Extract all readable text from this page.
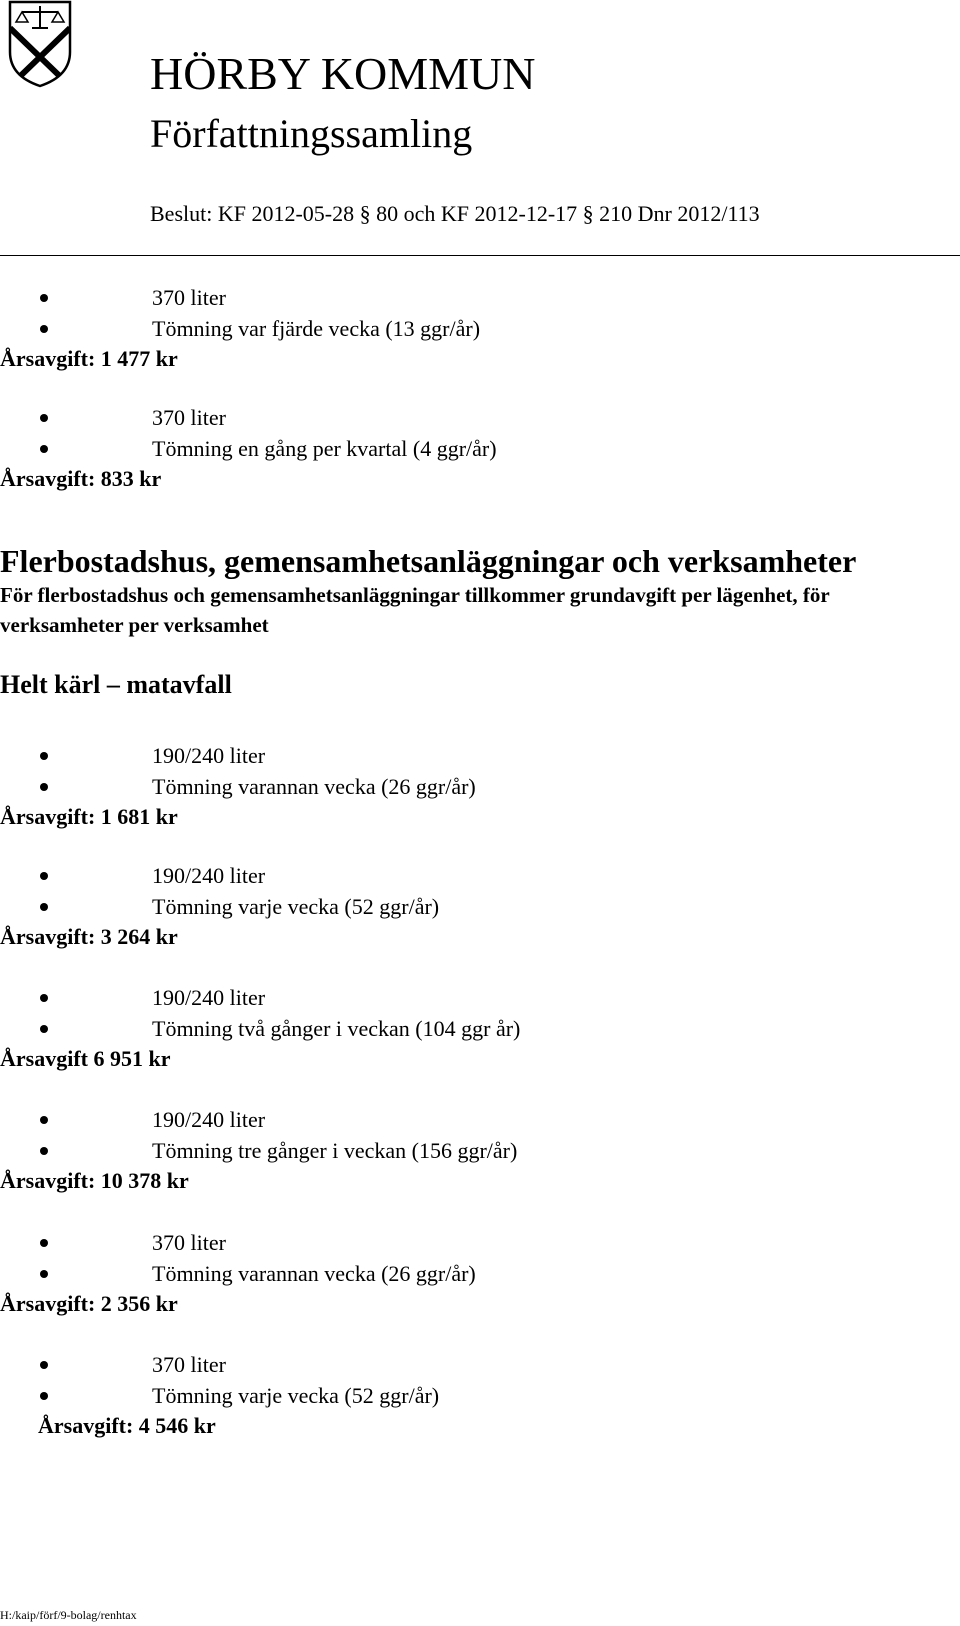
HÖRBY KOMMUN
Författningssamling
Beslut: KF 2012-05-28 § 80 och KF 2012-12-17 § 210 Dnr 2012/113
370 liter
Tömning var fjärde vecka (13 ggr/år)
Årsavgift: 1 477 kr
370 liter
Tömning en gång per kvartal (4 ggr/år)
Årsavgift: 833 kr
Flerbostadshus, gemensamhetsanläggningar och verksamheter
För flerbostadshus och gemensamhetsanläggningar tillkommer grundavgift per lägenhet, för verksamheter per verksamhet
Helt kärl – matavfall
190/240 liter
Tömning varannan vecka (26 ggr/år)
Årsavgift: 1 681 kr
190/240 liter
Tömning varje vecka (52 ggr/år)
Årsavgift: 3 264 kr
190/240 liter
Tömning två gånger i veckan (104 ggr år)
Årsavgift 6 951 kr
190/240 liter
Tömning tre gånger i veckan (156 ggr/år)
Årsavgift: 10 378 kr
370 liter
Tömning varannan vecka (26 ggr/år)
Årsavgift: 2 356 kr
370 liter
Tömning varje vecka (52 ggr/år)
Årsavgift: 4 546 kr
H:/kaip/förf/9-bolag/renhtax
